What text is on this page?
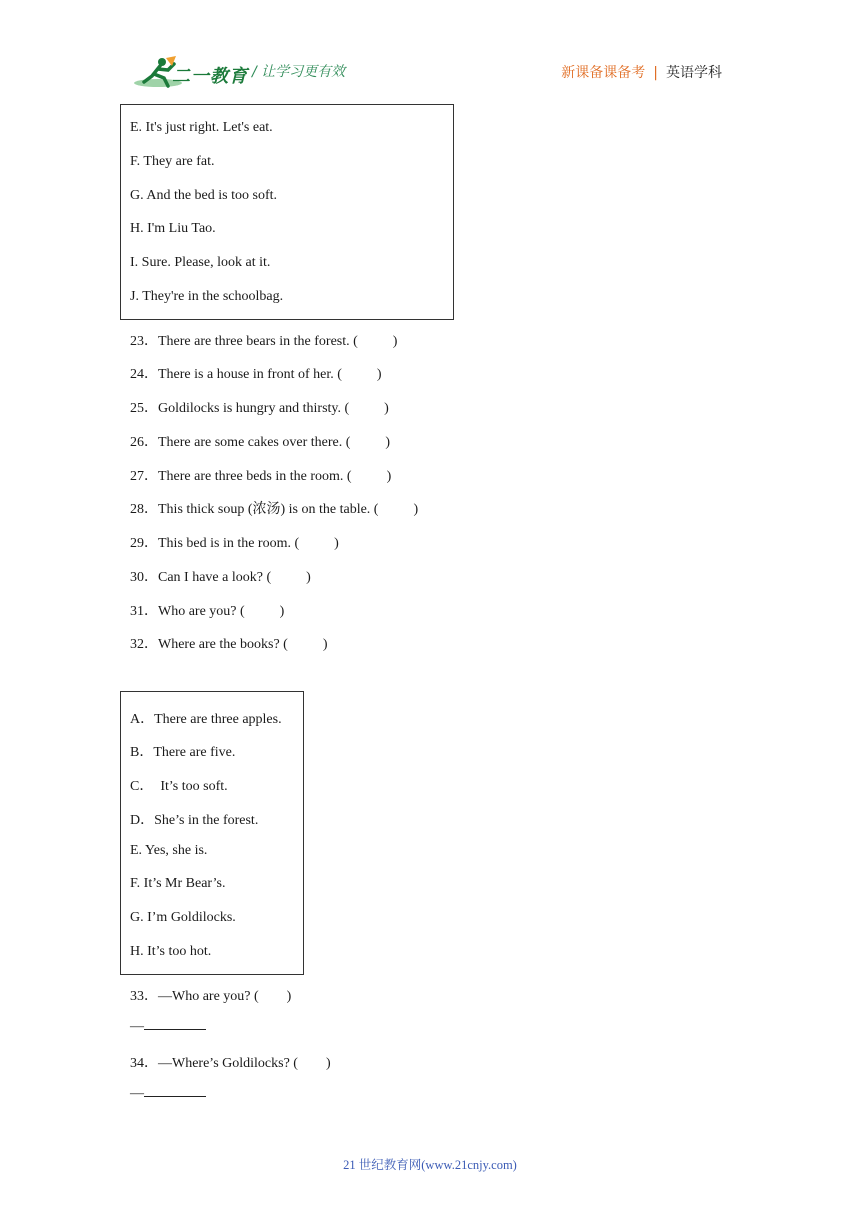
二一教育 / 让学习更有效	新课备课备考 | 英语学科
E. It's just right. Let's eat.
F. They are fat.
G. And the bed is too soft.
H. I'm Liu Tao.
I. Sure. Please, look at it.
J. They're in the schoolbag.
23．There are three bears in the forest. (          )
24．There is a house in front of her. (          )
25．Goldilocks is hungry and thirsty. (          )
26．There are some cakes over there. (          )
27．There are three beds in the room. (          )
28．This thick soup (浓汤) is on the table. (          )
29．This bed is in the room. (          )
30．Can I have a look? (          )
31．Who are you? (          )
32．Where are the books? (          )
A．There are three apples.
B．There are five.
C．  It’s too soft.
D．She’s in the forest.
E. Yes, she is.
F. It’s Mr Bear’s.
G. I’m Goldilocks.
H. It’s too hot.
33．—Who are you? (        )
—
34．—Where’s Goldilocks? (        )
—
21 世纪教育网(www.21cnjy.com)
